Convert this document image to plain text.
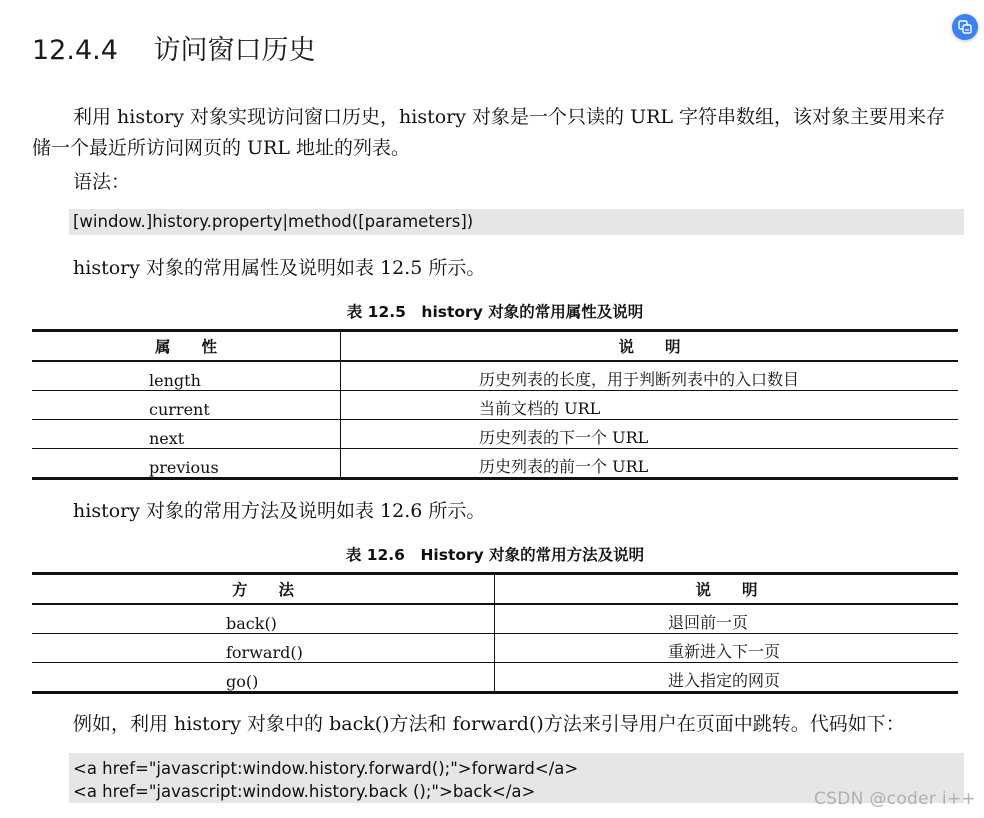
12.4.4　 访问窗口历史
利用 history 对象实现访问窗口历史，history 对象是一个只读的 URL 字符串数组，该对象主要用来存储一个最近所访问网页的 URL 地址的列表。
语法：
[window.]history.property|method([parameters])
history 对象的常用属性及说明如表 12.5 所示。
表 12.5　history 对象的常用属性及说明
属　　性	说　　明
length	历史列表的长度，用于判断列表中的入口数目
current	当前文档的 URL
next	历史列表的下一个 URL
previous	历史列表的前一个 URL
history 对象的常用方法及说明如表 12.6 所示。
表 12.6　History 对象的常用方法及说明
方　　法	说　　明
back()	退回前一页
forward()	重新进入下一页
go()	进入指定的网页
例如，利用 history 对象中的 back()方法和 forward()方法来引导用户在页面中跳转。代码如下：
<a href="javascript:window.history.forward();">forward</a>
<a href="javascript:window.history.back ();">back</a>	CSDN @coder i++
